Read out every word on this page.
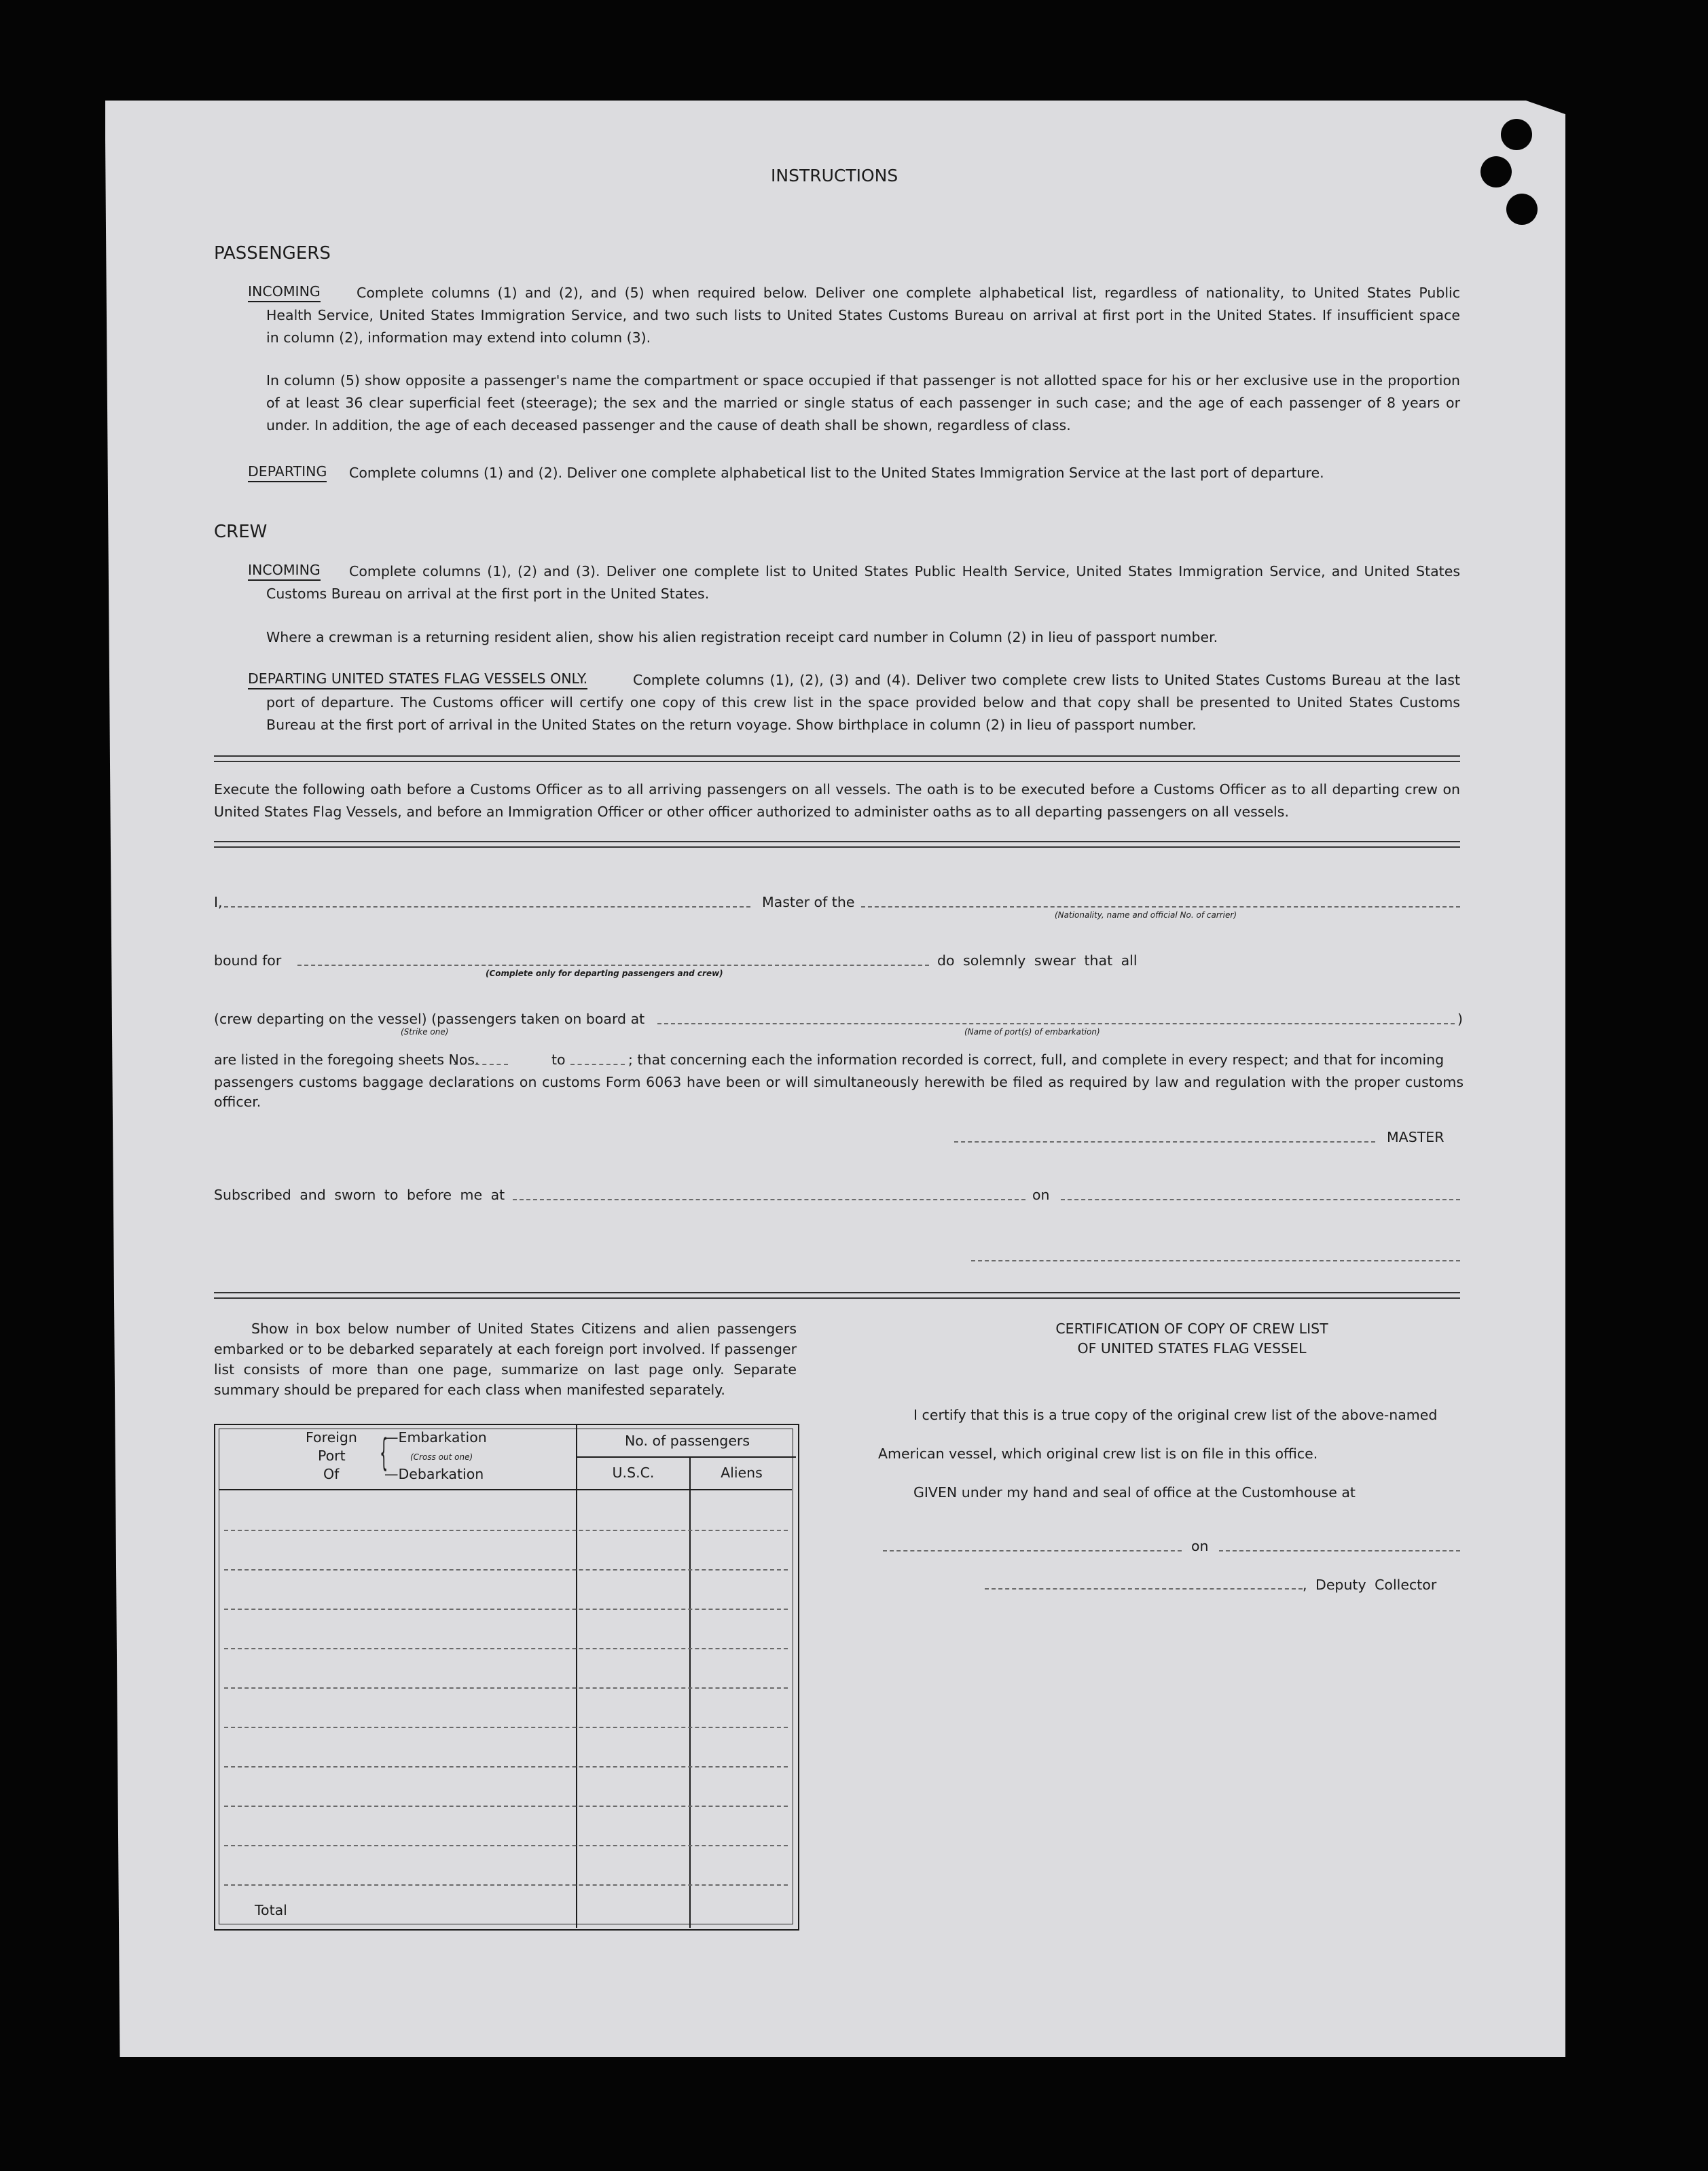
INSTRUCTIONS
PASSENGERS
INCOMING	Complete columns (1) and (2), and (5) when required below. Deliver one complete alphabetical list, regardless of nationality, to United States Public
Health Service, United States Immigration Service, and two such lists to United States Customs Bureau on arrival at first port in the United States. If insufficient space
in column (2), information may extend into column (3).
In column (5) show opposite a passenger's name the compartment or space occupied if that passenger is not allotted space for his or her exclusive use in the proportion of at least 36 clear superficial feet (steerage); the sex and the married or single status of each passenger in such case; and the age of each passenger of 8 years or under. In addition, the age of each deceased passenger and the cause of death shall be shown, regardless of class.
DEPARTING Complete columns (1) and (2). Deliver one complete alphabetical list to the United States Immigration Service at the last port of departure.
CREW
INCOMING Complete columns (1), (2) and (3). Deliver one complete list to United States Public Health Service, United States Immigration Service, and United States
Customs Bureau on arrival at the first port in the United States.
Where a crewman is a returning resident alien, show his alien registration receipt card number in Column (2) in lieu of passport number.
DEPARTING UNITED STATES FLAG VESSELS ONLY.	Complete columns (1), (2), (3) and (4). Deliver two complete crew lists to United States Customs Bureau at the last
port of departure. The Customs officer will certify one copy of this crew list in the space provided below and that copy shall be presented to United States Customs
Bureau at the first port of arrival in the United States on the return voyage. Show birthplace in column (2) in lieu of passport number.
Execute the following oath before a Customs Officer as to all arriving passengers on all vessels. The oath is to be executed before a Customs Officer as to all departing crew on United States Flag Vessels, and before an Immigration Officer or other officer authorized to administer oaths as to all departing passengers on all vessels.
I,	Master of the
(Nationality, name and official No. of carrier)
bound for
(Complete only for departing passengers and crew)
do solemnly swear that all
(crew departing on the vessel) (passengers taken on board at
(Strike one)	(Name of port(s) of embarkation)
)
are listed in the foregoing sheets Nos.	to	; that concerning each the information recorded is correct, full, and complete in every respect; and that for incoming
passengers customs baggage declarations on customs Form 6063 have been or will simultaneously herewith be filed as required by law and regulation with the proper customs
officer.
MASTER
Subscribed and sworn to before me at	on
Show in box below number of United States Citizens and alien passengers embarked or to be debarked separately at each foreign port involved. If passenger list consists of more than one page, summarize on last page only. Separate summary should be prepared for each class when manifested separately.
Foreign
Port
Of {
—Embarkation
(Cross out one)
—Debarkation
No. of passengers
U.S.C.	Aliens
Total
CERTIFICATION OF COPY OF CREW LIST
OF UNITED STATES FLAG VESSEL
I certify that this is a true copy of the original crew list of the above-named
American vessel, which original crew list is on file in this office.
GIVEN under my hand and seal of office at the Customhouse at
on
, Deputy Collector
